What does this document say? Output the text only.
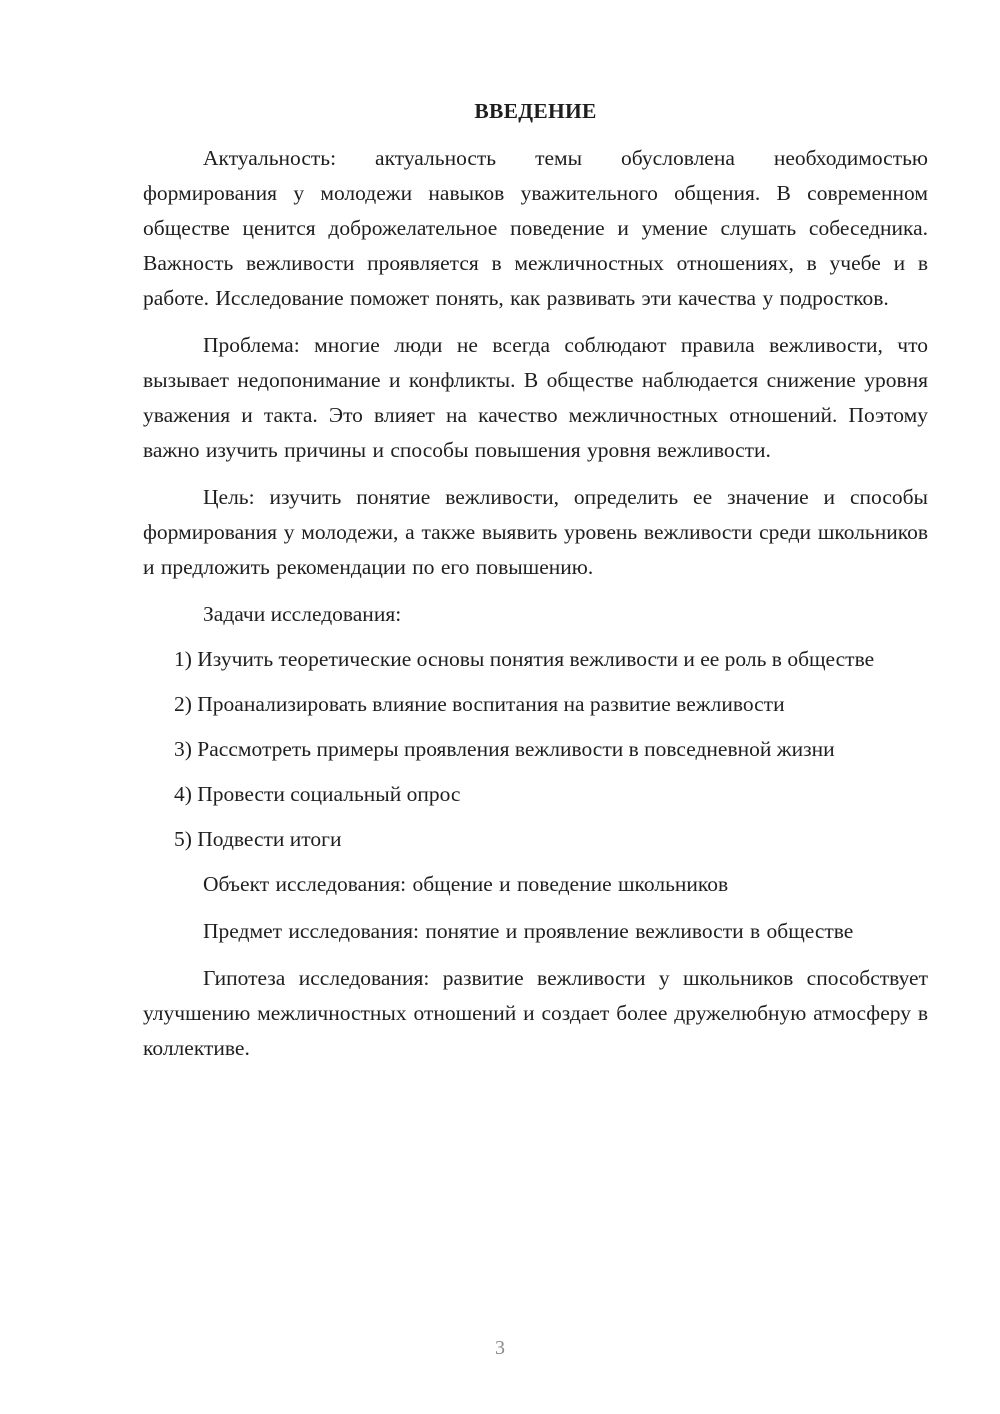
ВВЕДЕНИЕ

Актуальность: актуальность темы обусловлена необходимостью формирования у молодежи навыков уважительного общения. В современном обществе ценится доброжелательное поведение и умение слушать собеседника. Важность вежливости проявляется в межличностных отношениях, в учебе и в работе. Исследование поможет понять, как развивать эти качества у подростков.

Проблема: многие люди не всегда соблюдают правила вежливости, что вызывает недопонимание и конфликты. В обществе наблюдается снижение уровня уважения и такта. Это влияет на качество межличностных отношений. Поэтому важно изучить причины и способы повышения уровня вежливости.

Цель: изучить понятие вежливости, определить ее значение и способы формирования у молодежи, а также выявить уровень вежливости среди школьников и предложить рекомендации по его повышению.

Задачи исследования:

1) Изучить теоретические основы понятия вежливости и ее роль в обществе

2) Проанализировать влияние воспитания на развитие вежливости

3) Рассмотреть примеры проявления вежливости в повседневной жизни

4) Провести социальный опрос

5) Подвести итоги

Объект исследования: общение и поведение школьников

Предмет исследования: понятие и проявление вежливости в обществе

Гипотеза исследования: развитие вежливости у школьников способствует улучшению межличностных отношений и создает более дружелюбную атмосферу в коллективе.

3
